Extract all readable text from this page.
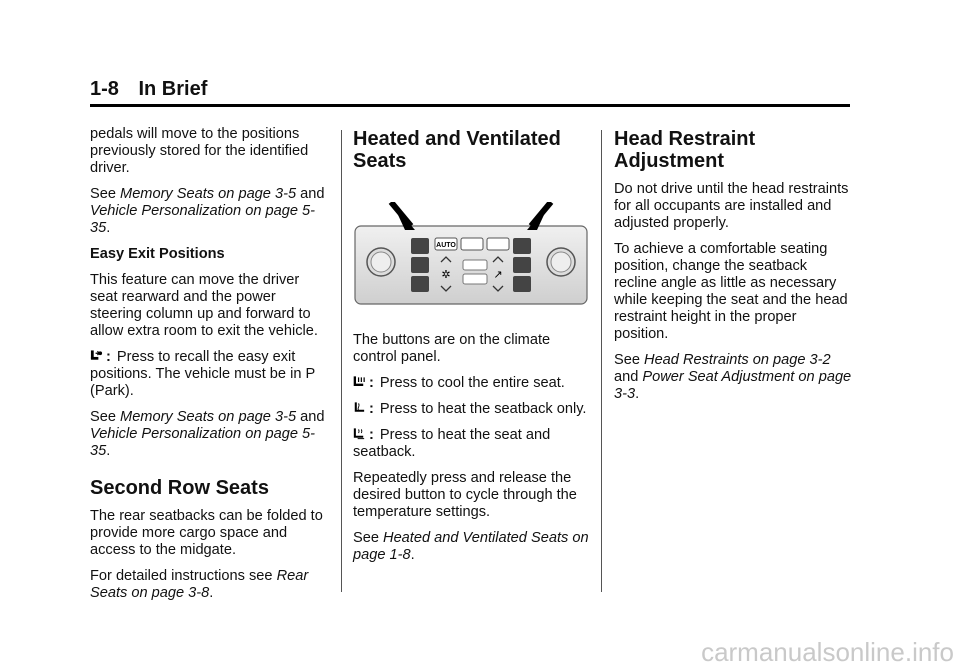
1-8 In Brief

pedals will move to the positions previously stored for the identified driver.

See Memory Seats on page 3-5 and Vehicle Personalization on page 5-35.

Easy Exit Positions

This feature can move the driver seat rearward and the power steering column up and forward to allow extra room to exit the vehicle.

: Press to recall the easy exit positions. The vehicle must be in P (Park).

See Memory Seats on page 3-5 and Vehicle Personalization on page 5-35.

Second Row Seats

The rear seatbacks can be folded to provide more cargo space and access to the midgate.

For detailed instructions see Rear Seats on page 3-8.

Heated and Ventilated Seats

AUTO
✲	↗

The buttons are on the climate control panel.

: Press to cool the entire seat.

: Press to heat the seatback only.

: Press to heat the seat and seatback.

Repeatedly press and release the desired button to cycle through the temperature settings.

See Heated and Ventilated Seats on page 1-8.

Head Restraint Adjustment

Do not drive until the head restraints for all occupants are installed and adjusted properly.

To achieve a comfortable seating position, change the seatback recline angle as little as necessary while keeping the seat and the head restraint height in the proper position.

See Head Restraints on page 3-2 and Power Seat Adjustment on page 3-3.

carmanualsonline.info
